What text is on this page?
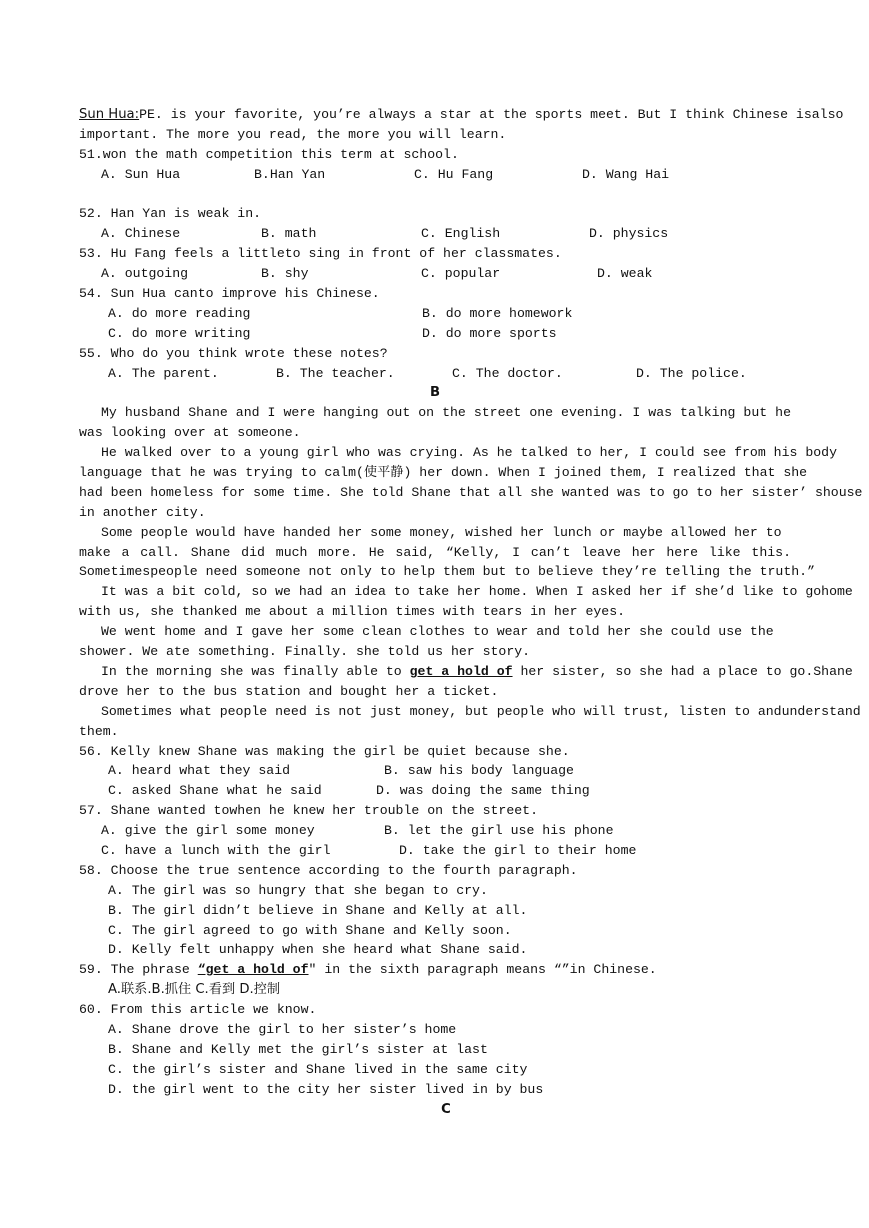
Sun Hua:PE. is your favorite, you’re always a star at the sports meet. But I think Chinese isalso
important. The more you read, the more you will learn.
51.won the math competition this term at school.
A. Sun Hua	B.Han Yan	C. Hu Fang	D. Wang Hai
52. Han Yan is weak in.
A. Chinese	B. math	C. English	D. physics
53. Hu Fang feels a littleto sing in front of her classmates.
A. outgoing	B. shy	C. popular	D. weak
54. Sun Hua canto improve his Chinese.
A. do more reading	B. do more homework
C. do more writing	D. do more sports
55. Who do you think wrote these notes?
A. The parent.	B. The teacher.	C. The doctor.	D. The police.
B
My husband Shane and I were hanging out on the street one evening. I was talking but he
was looking over at someone.
He walked over to a young girl who was crying. As he talked to her, I could see from his body
language that he was trying to calm(使平静) her down. When I joined them, I realized that she
had been homeless for some time. She told Shane that all she wanted was to go to her sister’ shouse
in another city.
Some people would have handed her some money, wished her lunch or maybe allowed her to
make a call. Shane did much more. He said, “Kelly, I can’t leave her here like this.
Sometimespeople need someone not only to help them but to believe they’re telling the truth.”
It was a bit cold, so we had an idea to take her home. When I asked her if she’d like to gohome
with us, she thanked me about a million times with tears in her eyes.
We went home and I gave her some clean clothes to wear and told her she could use the
shower. We ate something. Finally. she told us her story.
In the morning she was finally able to get a hold of her sister, so she had a place to go.Shane
drove her to the bus station and bought her a ticket.
Sometimes what people need is not just money, but people who will trust, listen to andunderstand
them.
56. Kelly knew Shane was making the girl be quiet because she.
A. heard what they said	B. saw his body language
C. asked Shane what he said	D. was doing the same thing
57. Shane wanted towhen he knew her trouble on the street.
A. give the girl some money	B. let the girl use his phone
C. have a lunch with the girl	D. take the girl to their home
58. Choose the true sentence according to the fourth paragraph.
A. The girl was so hungry that she began to cry.
B. The girl didn’t believe in Shane and Kelly at all.
C. The girl agreed to go with Shane and Kelly soon.
D. Kelly felt unhappy when she heard what Shane said.
59. The phrase “get a hold of″ in the sixth paragraph means “”in Chinese.
A.联系.B.抓住 C.看到 D.控制
60. From this article we know.
A. Shane drove the girl to her sister’s home
B. Shane and Kelly met the girl’s sister at last
C. the girl’s sister and Shane lived in the same city
D. the girl went to the city her sister lived in by bus
C
